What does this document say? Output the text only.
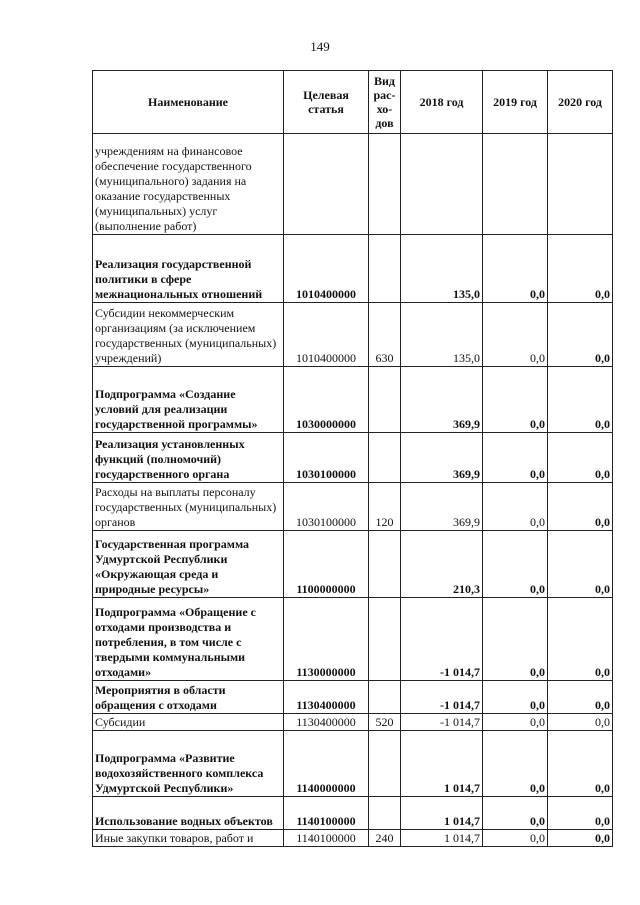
149
Наименование	Целевая статья	Вид рас- хо- дов	2018 год	2019 год	2020 год
учреждениям на финансовое обеспечение государственного (муниципального) задания на оказание государственных (муниципальных) услуг (выполнение работ)					
Реализация государственной политики в сфере межнациональных отношений	1010400000		135,0	0,0	0,0
Субсидии некоммерческим организациям (за исключением государственных (муниципальных) учреждений)	1010400000	630	135,0	0,0	0,0
Подпрограмма «Создание условий для реализации государственной программы»	1030000000		369,9	0,0	0,0
Реализация установленных функций (полномочий) государственного органа	1030100000		369,9	0,0	0,0
Расходы на выплаты персоналу государственных (муниципальных) органов	1030100000	120	369,9	0,0	0,0
Государственная программа Удмуртской Республики «Окружающая среда и природные ресурсы»	1100000000		210,3	0,0	0,0
Подпрограмма «Обращение с отходами производства и потребления, в том числе с твердыми коммунальными отходами»	1130000000		-1 014,7	0,0	0,0
Мероприятия в области обращения с отходами	1130400000		-1 014,7	0,0	0,0
Субсидии	1130400000	520	-1 014,7	0,0	0,0
Подпрограмма «Развитие водохозяйственного комплекса Удмуртской Республики»	1140000000		1 014,7	0,0	0,0
Использование водных объектов	1140100000		1 014,7	0,0	0,0
Иные закупки товаров, работ и	1140100000	240	1 014,7	0,0	0,0
